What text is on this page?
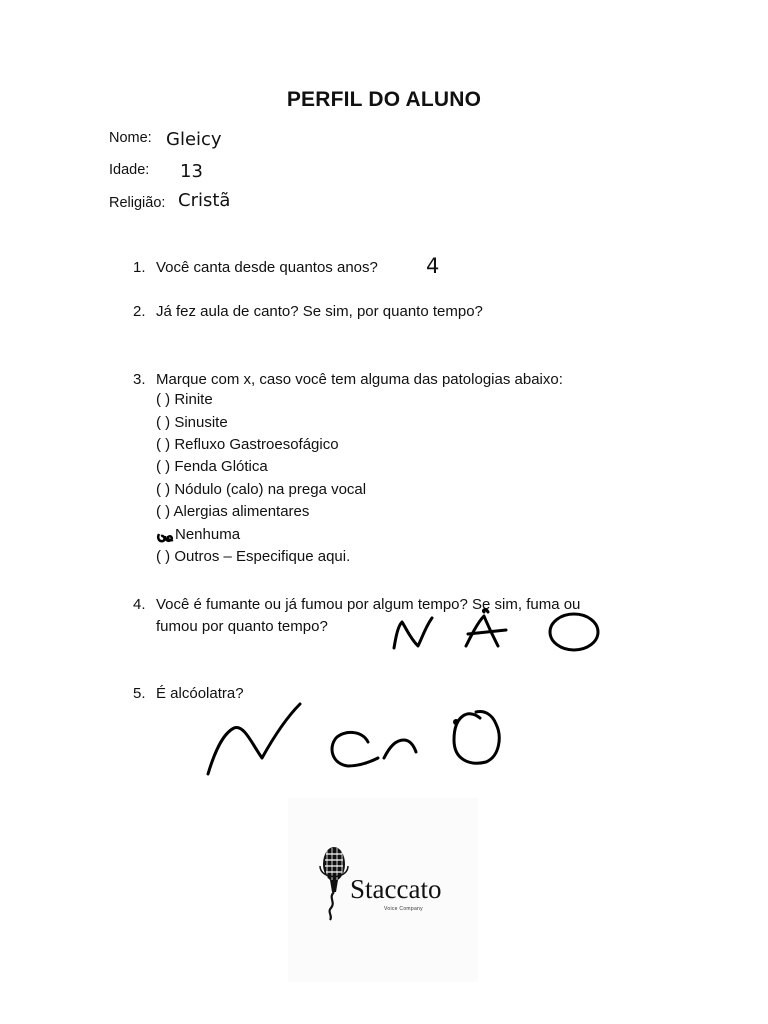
PERFIL DO ALUNO
Nome: Gleicy
Idade: 13
Religião: Cristã
1. Você canta desde quantos anos? 4
2. Já fez aula de canto? Se sim, por quanto tempo?
3. Marque com x, caso você tem alguma das patologias abaixo:
( ) Rinite
( ) Sinusite
( ) Refluxo Gastroesofágico
( ) Fenda Glótica
( ) Nódulo (calo) na prega vocal
( ) Alergias alimentares
Nenhuma
( ) Outros – Especifique aqui.
4. Você é fumante ou já fumou por algum tempo? Se sim, fuma ou
fumou por quanto tempo?
5. É alcóolatra?
Staccato
Voice Company
